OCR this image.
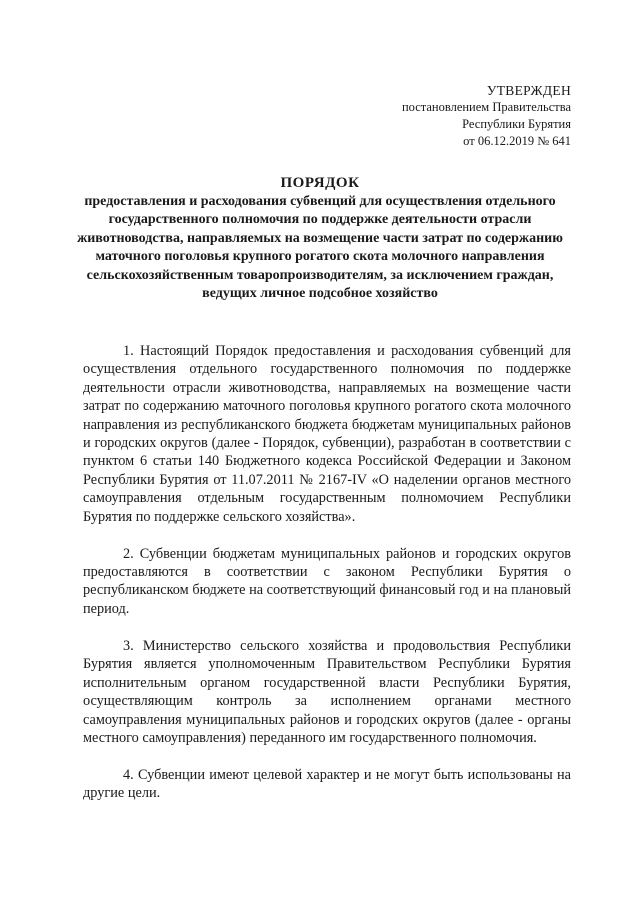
УТВЕРЖДЕН
постановлением Правительства
Республики Бурятия
от 06.12.2019 № 641
ПОРЯДОК
предоставления и расходования субвенций для осуществления отдельного государственного полномочия по поддержке деятельности отрасли животноводства, направляемых на возмещение части затрат по содержанию маточного поголовья крупного рогатого скота молочного направления сельскохозяйственным товаропроизводителям, за исключением граждан, ведущих личное подсобное хозяйство

1. Настоящий Порядок предоставления и расходования субвенций для осуществления отдельного государственного полномочия по поддержке деятельности отрасли животноводства, направляемых на возмещение части затрат по содержанию маточного поголовья крупного рогатого скота молочного направления из республиканского бюджета бюджетам муниципальных районов и городских округов (далее - Порядок, субвенции), разработан в соответствии с пунктом 6 статьи 140 Бюджетного кодекса Российской Федерации и Законом Республики Бурятия от 11.07.2011 № 2167-IV «О наделении органов местного самоуправления отдельным государственным полномочием Республики Бурятия по поддержке сельского хозяйства».

2. Субвенции бюджетам муниципальных районов и городских округов предоставляются в соответствии с законом Республики Бурятия о республиканском бюджете на соответствующий финансовый год и на плановый период.

3. Министерство сельского хозяйства и продовольствия Республики Бурятия является уполномоченным Правительством Республики Бурятия исполнительным органом государственной власти Республики Бурятия, осуществляющим контроль за исполнением органами местного самоуправления муниципальных районов и городских округов (далее - органы местного самоуправления) переданного им государственного полномочия.

4. Субвенции имеют целевой характер и не могут быть использованы на другие цели.
